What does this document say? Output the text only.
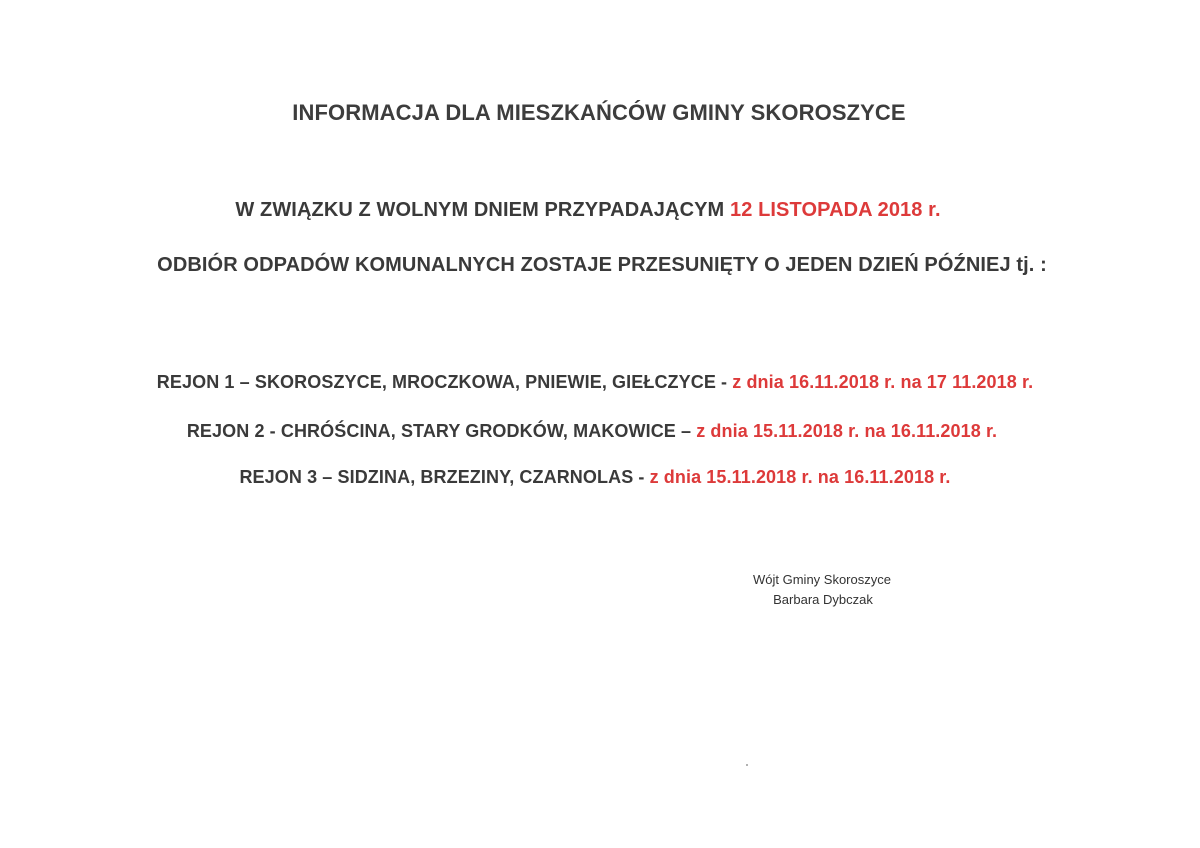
INFORMACJA DLA MIESZKAŃCÓW GMINY SKOROSZYCE
W ZWIĄZKU Z WOLNYM DNIEM PRZYPADAJĄCYM 12 LISTOPADA 2018 r.
ODBIÓR ODPADÓW KOMUNALNYCH ZOSTAJE PRZESUNIĘTY O JEDEN DZIEŃ PÓŹNIEJ tj. :
REJON 1 – SKOROSZYCE, MROCZKOWA, PNIEWIE, GIEŁCZYCE - z dnia 16.11.2018 r. na 17 11.2018 r.
REJON 2 - CHRÓŚCINA, STARY GRODKÓW, MAKOWICE – z dnia 15.11.2018 r. na 16.11.2018 r.
REJON 3 – SIDZINA, BRZEZINY, CZARNOLAS - z dnia 15.11.2018 r. na 16.11.2018 r.
Wójt Gminy Skoroszyce
Barbara Dybczak
